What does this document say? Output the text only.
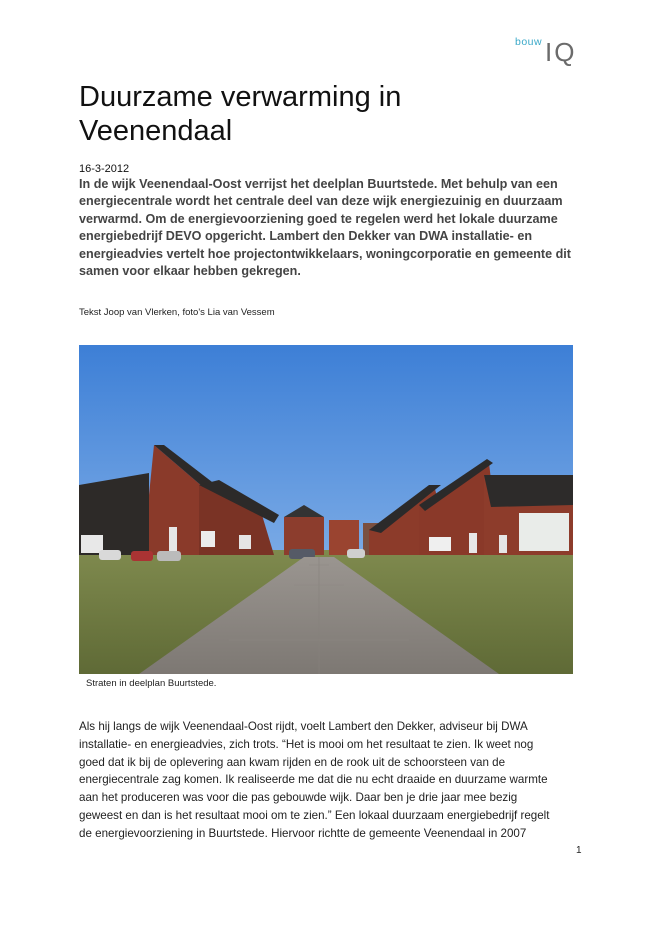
bouw IQ
Duurzame verwarming in Veenendaal
16-3-2012

In de wijk Veenendaal-Oost verrijst het deelplan Buurtstede. Met behulp van een energiecentrale wordt het centrale deel van deze wijk energiezuinig en duurzaam verwarmd. Om de energievoorziening goed te regelen werd het lokale duurzame energiebedrijf DEVO opgericht. Lambert den Dekker van DWA installatie- en energieadvies vertelt hoe projectontwikkelaars, woningcorporatie en gemeente dit samen voor elkaar hebben gekregen.

Tekst Joop van Vlerken, foto's Lia van Vessem
Straten in deelplan Buurtstede.

Als hij langs de wijk Veenendaal-Oost rijdt, voelt Lambert den Dekker, adviseur bij DWA
installatie- en energieadvies, zich trots. “Het is mooi om het resultaat te zien. Ik weet nog
goed dat ik bij de oplevering aan kwam rijden en de rook uit de schoorsteen van de
energiecentrale zag komen. Ik realiseerde me dat die nu echt draaide en duurzame warmte
aan het produceren was voor die pas gebouwde wijk. Daar ben je drie jaar mee bezig
geweest en dan is het resultaat mooi om te zien.” Een lokaal duurzaam energiebedrijf regelt
de energievoorziening in Buurtstede. Hiervoor richtte de gemeente Veenendaal in 2007

1
